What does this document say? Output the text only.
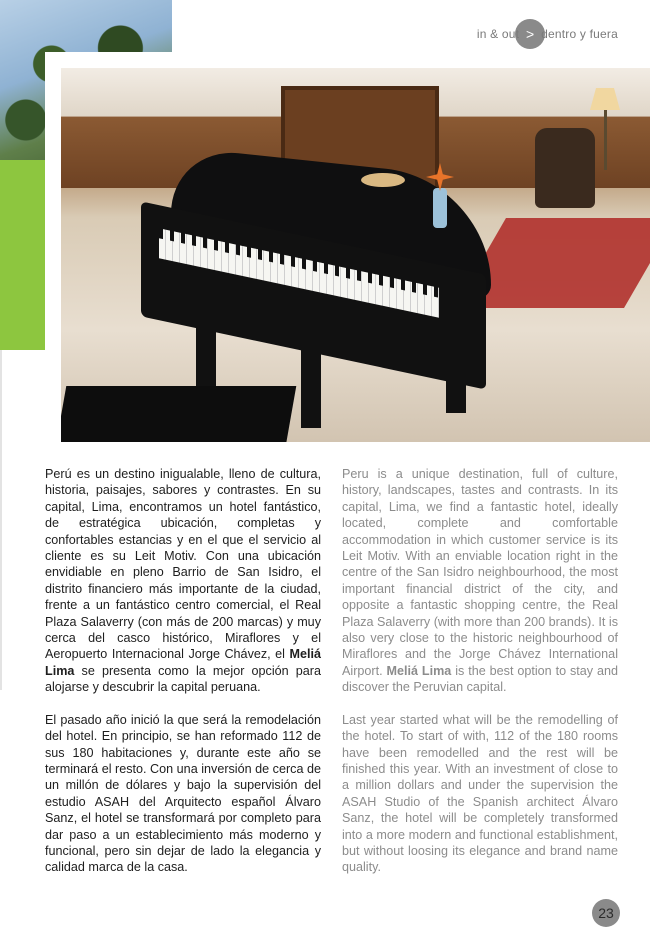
in & out > dentro y fuera

Perú es un destino inigualable, lleno de cultura, historia, paisajes, sabores y contrastes. En su capital, Lima, encontramos un hotel fantástico, de estratégica ubicación, completas y confortables estancias y en el que el servicio al cliente es su Leit Motiv. Con una ubicación envidiable en pleno Barrio de San Isidro, el distrito financiero más importante de la ciudad, frente a un fantástico centro comercial, el Real Plaza Salaverry (con más de 200 marcas) y muy cerca del casco histórico, Miraflores y el Aeropuerto Internacional Jorge Chávez, el Meliá Lima se presenta como la mejor opción para alojarse y descubrir la capital peruana.

El pasado año inició la que será la remodelación del hotel. En principio, se han reformado 112 de sus 180 habitaciones y, durante este año se terminará el resto. Con una inversión de cerca de un millón de dólares y bajo la supervisión del estudio ASAH del Arquitecto español Álvaro Sanz, el hotel se transformará por completo para dar paso a un establecimiento más moderno y funcional, pero sin dejar de lado la elegancia y calidad marca de la casa.

Peru is a unique destination, full of culture, history, landscapes, tastes and contrasts. In its capital, Lima, we find a fantastic hotel, ideally located, complete and comfortable accommodation in which customer service is its Leit Motiv. With an enviable location right in the centre of the San Isidro neighbourhood, the most important financial district of the city, and opposite a fantastic shopping centre, the Real Plaza Salaverry (with more than 200 brands). It is also very close to the historic neighbourhood of Miraflores and the Jorge Chávez International Airport. Meliá Lima is the best option to stay and discover the Peruvian capital.

Last year started what will be the remodelling of the hotel. To start of with, 112 of the 180 rooms have been remodelled and the rest will be finished this year. With an investment of close to a million dollars and under the supervision the ASAH Studio of the Spanish architect Álvaro Sanz, the hotel will be completely transformed into a more modern and functional establishment, but without loosing its elegance and brand name quality.

23
